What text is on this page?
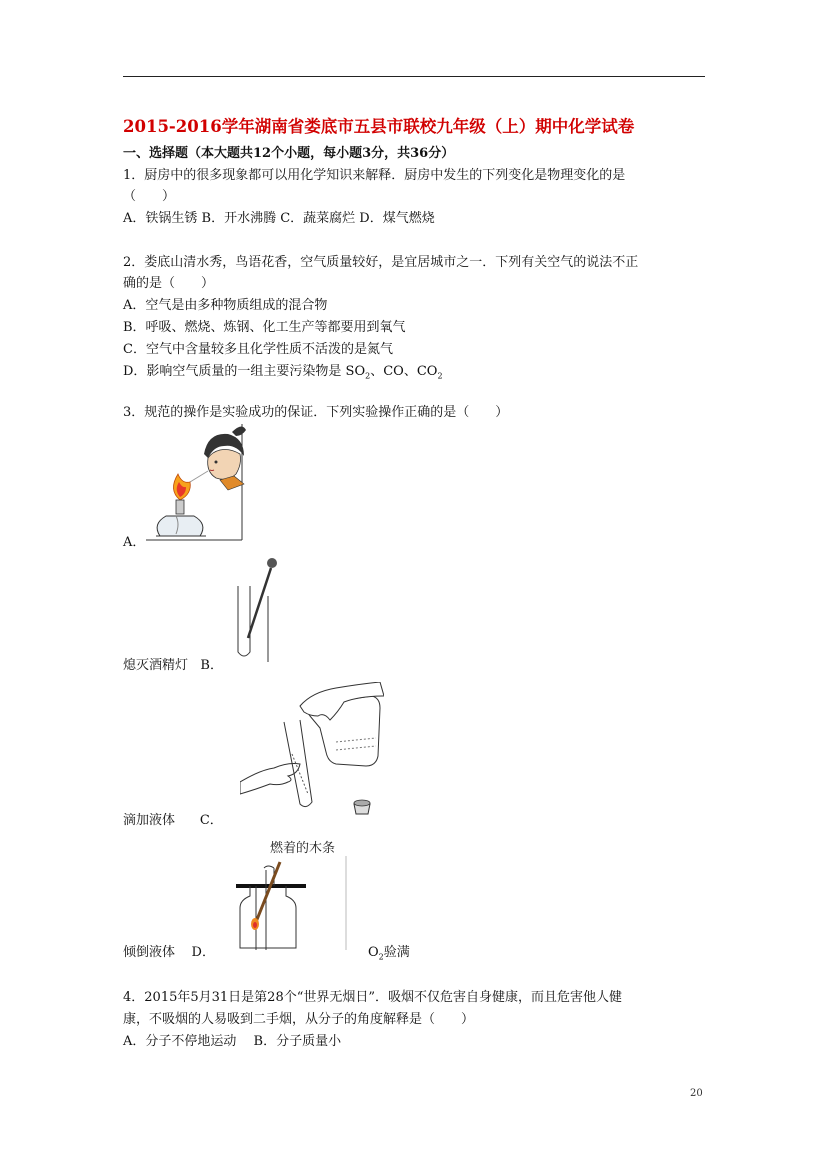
2015-2016学年湖南省娄底市五县市联校九年级（上）期中化学试卷
一、选择题（本大题共12个小题，每小题3分，共36分）
1．厨房中的很多现象都可以用化学知识来解释．厨房中发生的下列变化是物理变化的是
（　　）
A．铁锅生锈 B．开水沸腾 C．蔬菜腐烂 D．煤气燃烧
2．娄底山清水秀，鸟语花香，空气质量较好，是宜居城市之一．下列有关空气的说法不正
确的是（　　）
A．空气是由多种物质组成的混合物
B．呼吸、燃烧、炼钢、化工生产等都要用到氧气
C．空气中含量较多且化学性质不活泼的是氮气
D．影响空气质量的一组主要污染物是 $SO_2$、CO、$CO_2$
3．规范的操作是实验成功的保证．下列实验操作正确的是（　　）
A．
熄灭酒精灯 B．
滴加液体 C．
燃着的木条
倾倒液体 D．	$O_2$验满
4．2015年5月31日是第28个“世界无烟日”．吸烟不仅危害自身健康，而且危害他人健
康，不吸烟的人易吸到二手烟，从分子的角度解释是（　　）
A．分子不停地运动　 B．分子质量小
20
